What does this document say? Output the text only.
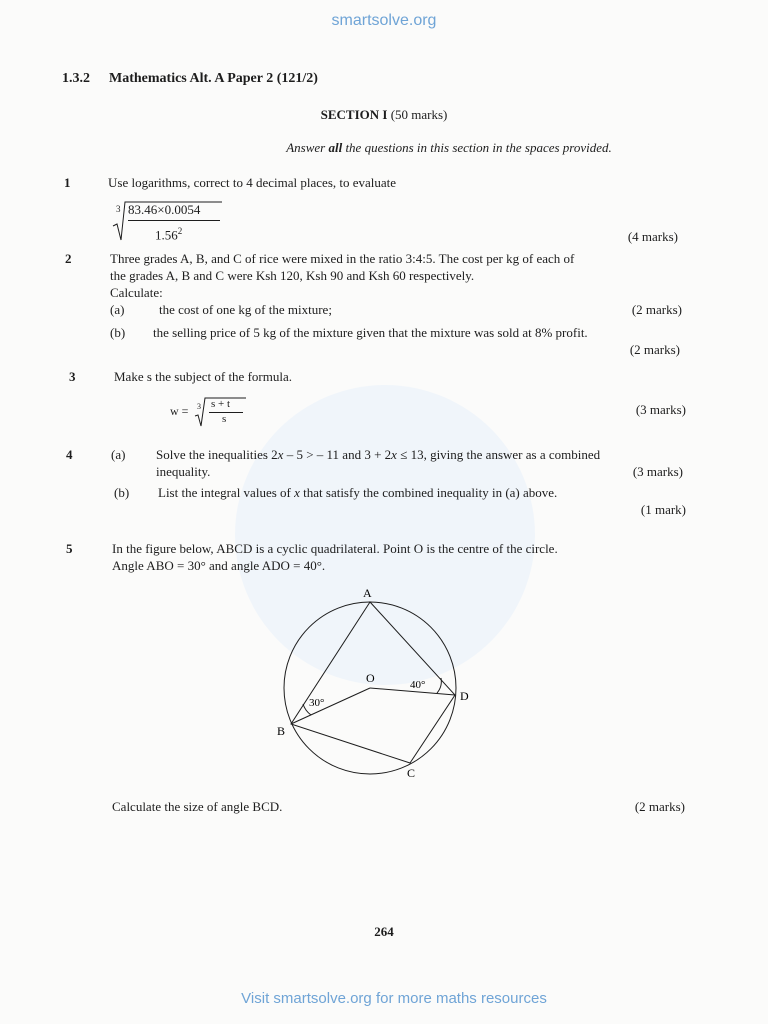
smartsolve.org
1.3.2 Mathematics Alt. A Paper 2 (121/2)
SECTION I (50 marks)
Answer all the questions in this section in the spaces provided.
1	Use logarithms, correct to 4 decimal places, to evaluate
3 83.46×0.0054
1.56$^2$	(4 marks)
2	Three grades A, B, and C of rice were mixed in the ratio 3:4:5. The cost per kg of each of
the grades A, B and C were Ksh 120, Ksh 90 and Ksh 60 respectively.
Calculate:
(a)	the cost of one kg of the mixture;	(2 marks)
(b) the selling price of 5 kg of the mixture given that the mixture was sold at 8% profit.
(2 marks)
3	Make s the subject of the formula.
w = 3 s + t
s
(3 marks)
4	(a) Solve the inequalities 2x – 5 > – 11 and 3 + 2x ≤ 13, giving the answer as a combined
inequality.	(3 marks)
(b) List the integral values of x that satisfy the combined inequality in (a) above.
(1 mark)
5	In the figure below, ABCD is a cyclic quadrilateral. Point O is the centre of the circle.
Angle ABO = 30° and angle ADO = 40°.
A
B
C
D
O
30°
40°
Calculate the size of angle BCD.	(2 marks)
264
Visit smartsolve.org for more maths resources
